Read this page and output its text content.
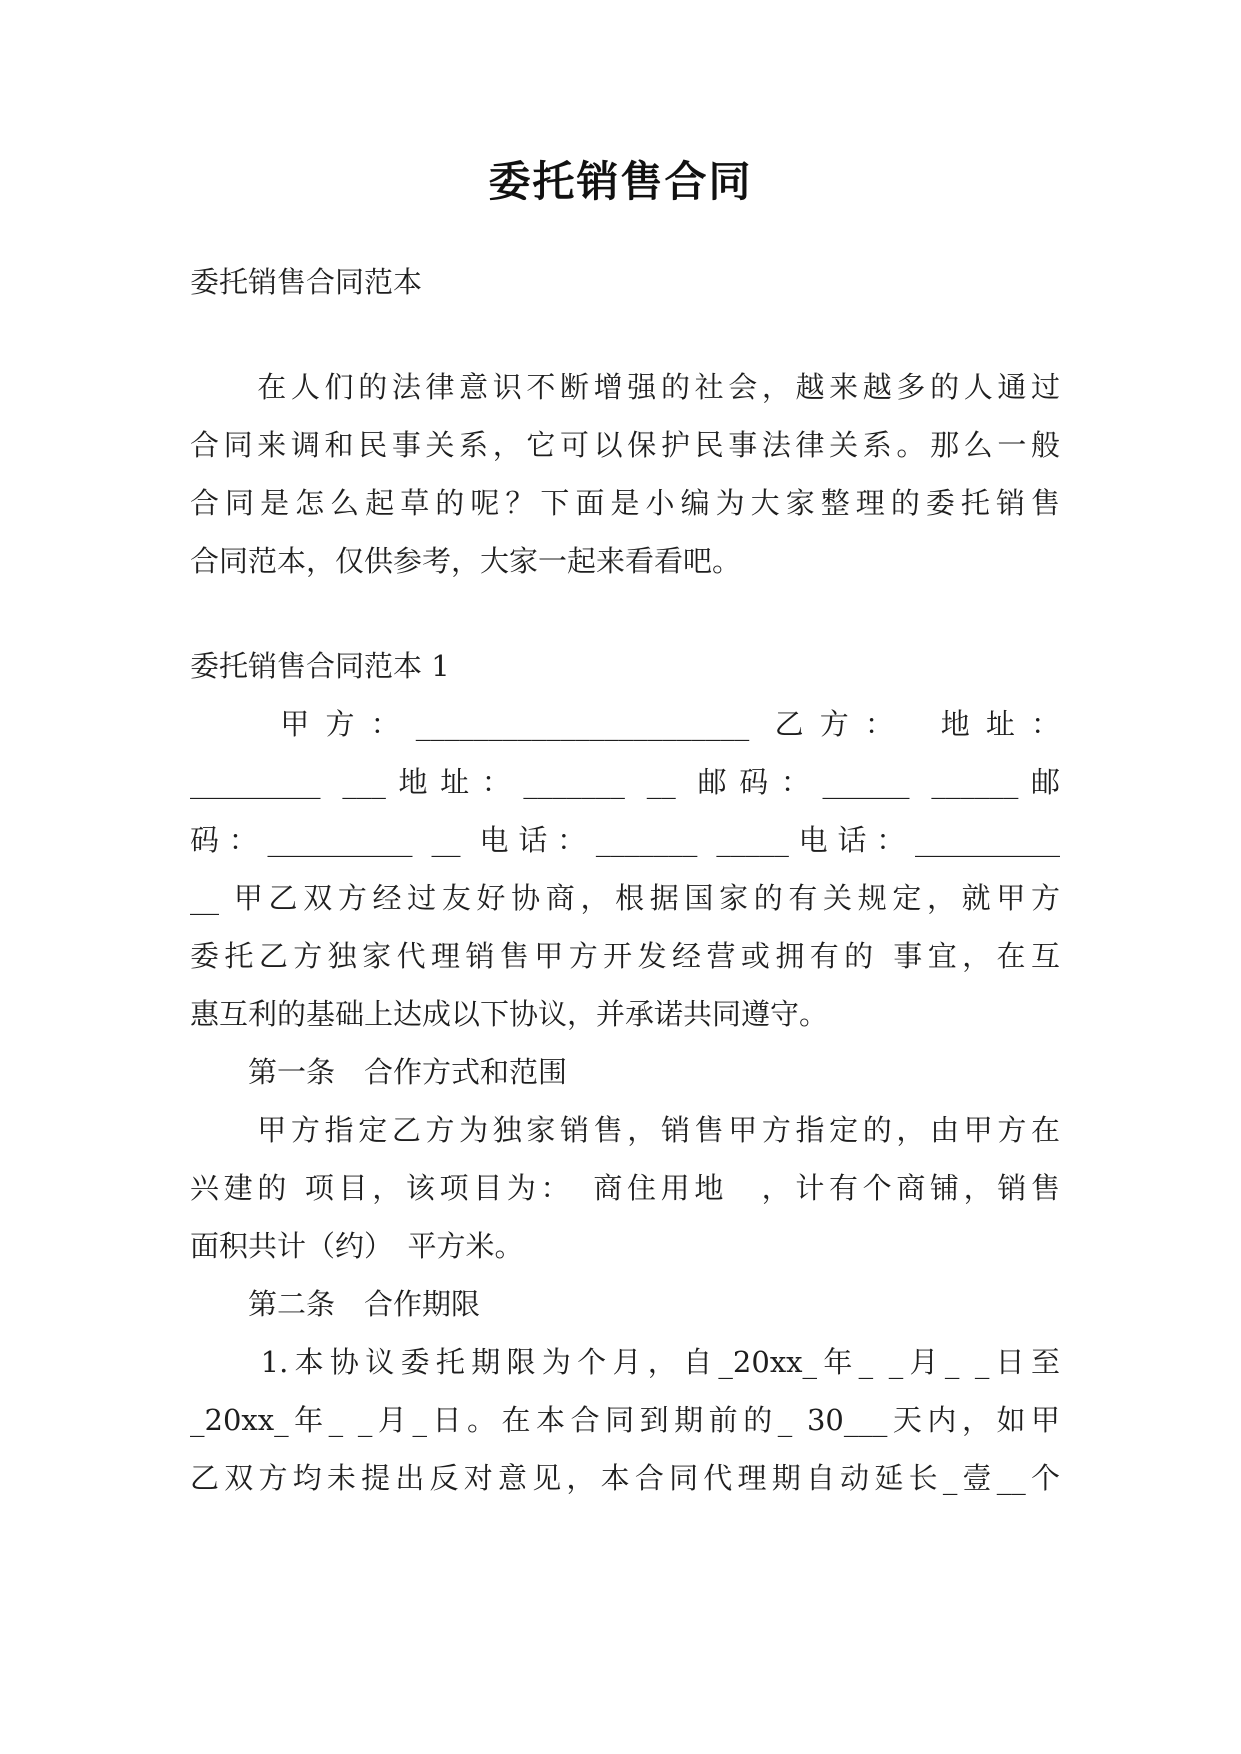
委托销售合同
委托销售合同范本
　　在人们的法律意识不断增强的社会，越来越多的人通过
合同来调和民事关系，它可以保护民事法律关系。那么一般
合同是怎么起草的呢？下面是小编为大家整理的委托销售
合同范本，仅供参考，大家一起来看看吧。
委托销售合同范本 1
　　甲方：_______________________ 乙方：　地址：
_________ ___地址：_______ __ 邮码：______ ______邮
码：__________ __ 电话：_______ _____电话：__________
__ 甲乙双方经过友好协商，根据国家的有关规定，就甲方
委托乙方独家代理销售甲方开发经营或拥有的 事宜，在互
惠互利的基础上达成以下协议，并承诺共同遵守。
　　第一条　合作方式和范围
　　甲方指定乙方为独家销售，销售甲方指定的，由甲方在
兴建的 项目，该项目为：　商住用地　，计有个商铺，销售
面积共计（约）　平方米。
　　第二条　合作期限
　　1.本协议委托期限为个月，自_20xx_年_ _月_ _日至
_20xx_年_ _月_日。在本合同到期前的_ 30___天内，如甲
乙双方均未提出反对意见，本合同代理期自动延长_壹__个
